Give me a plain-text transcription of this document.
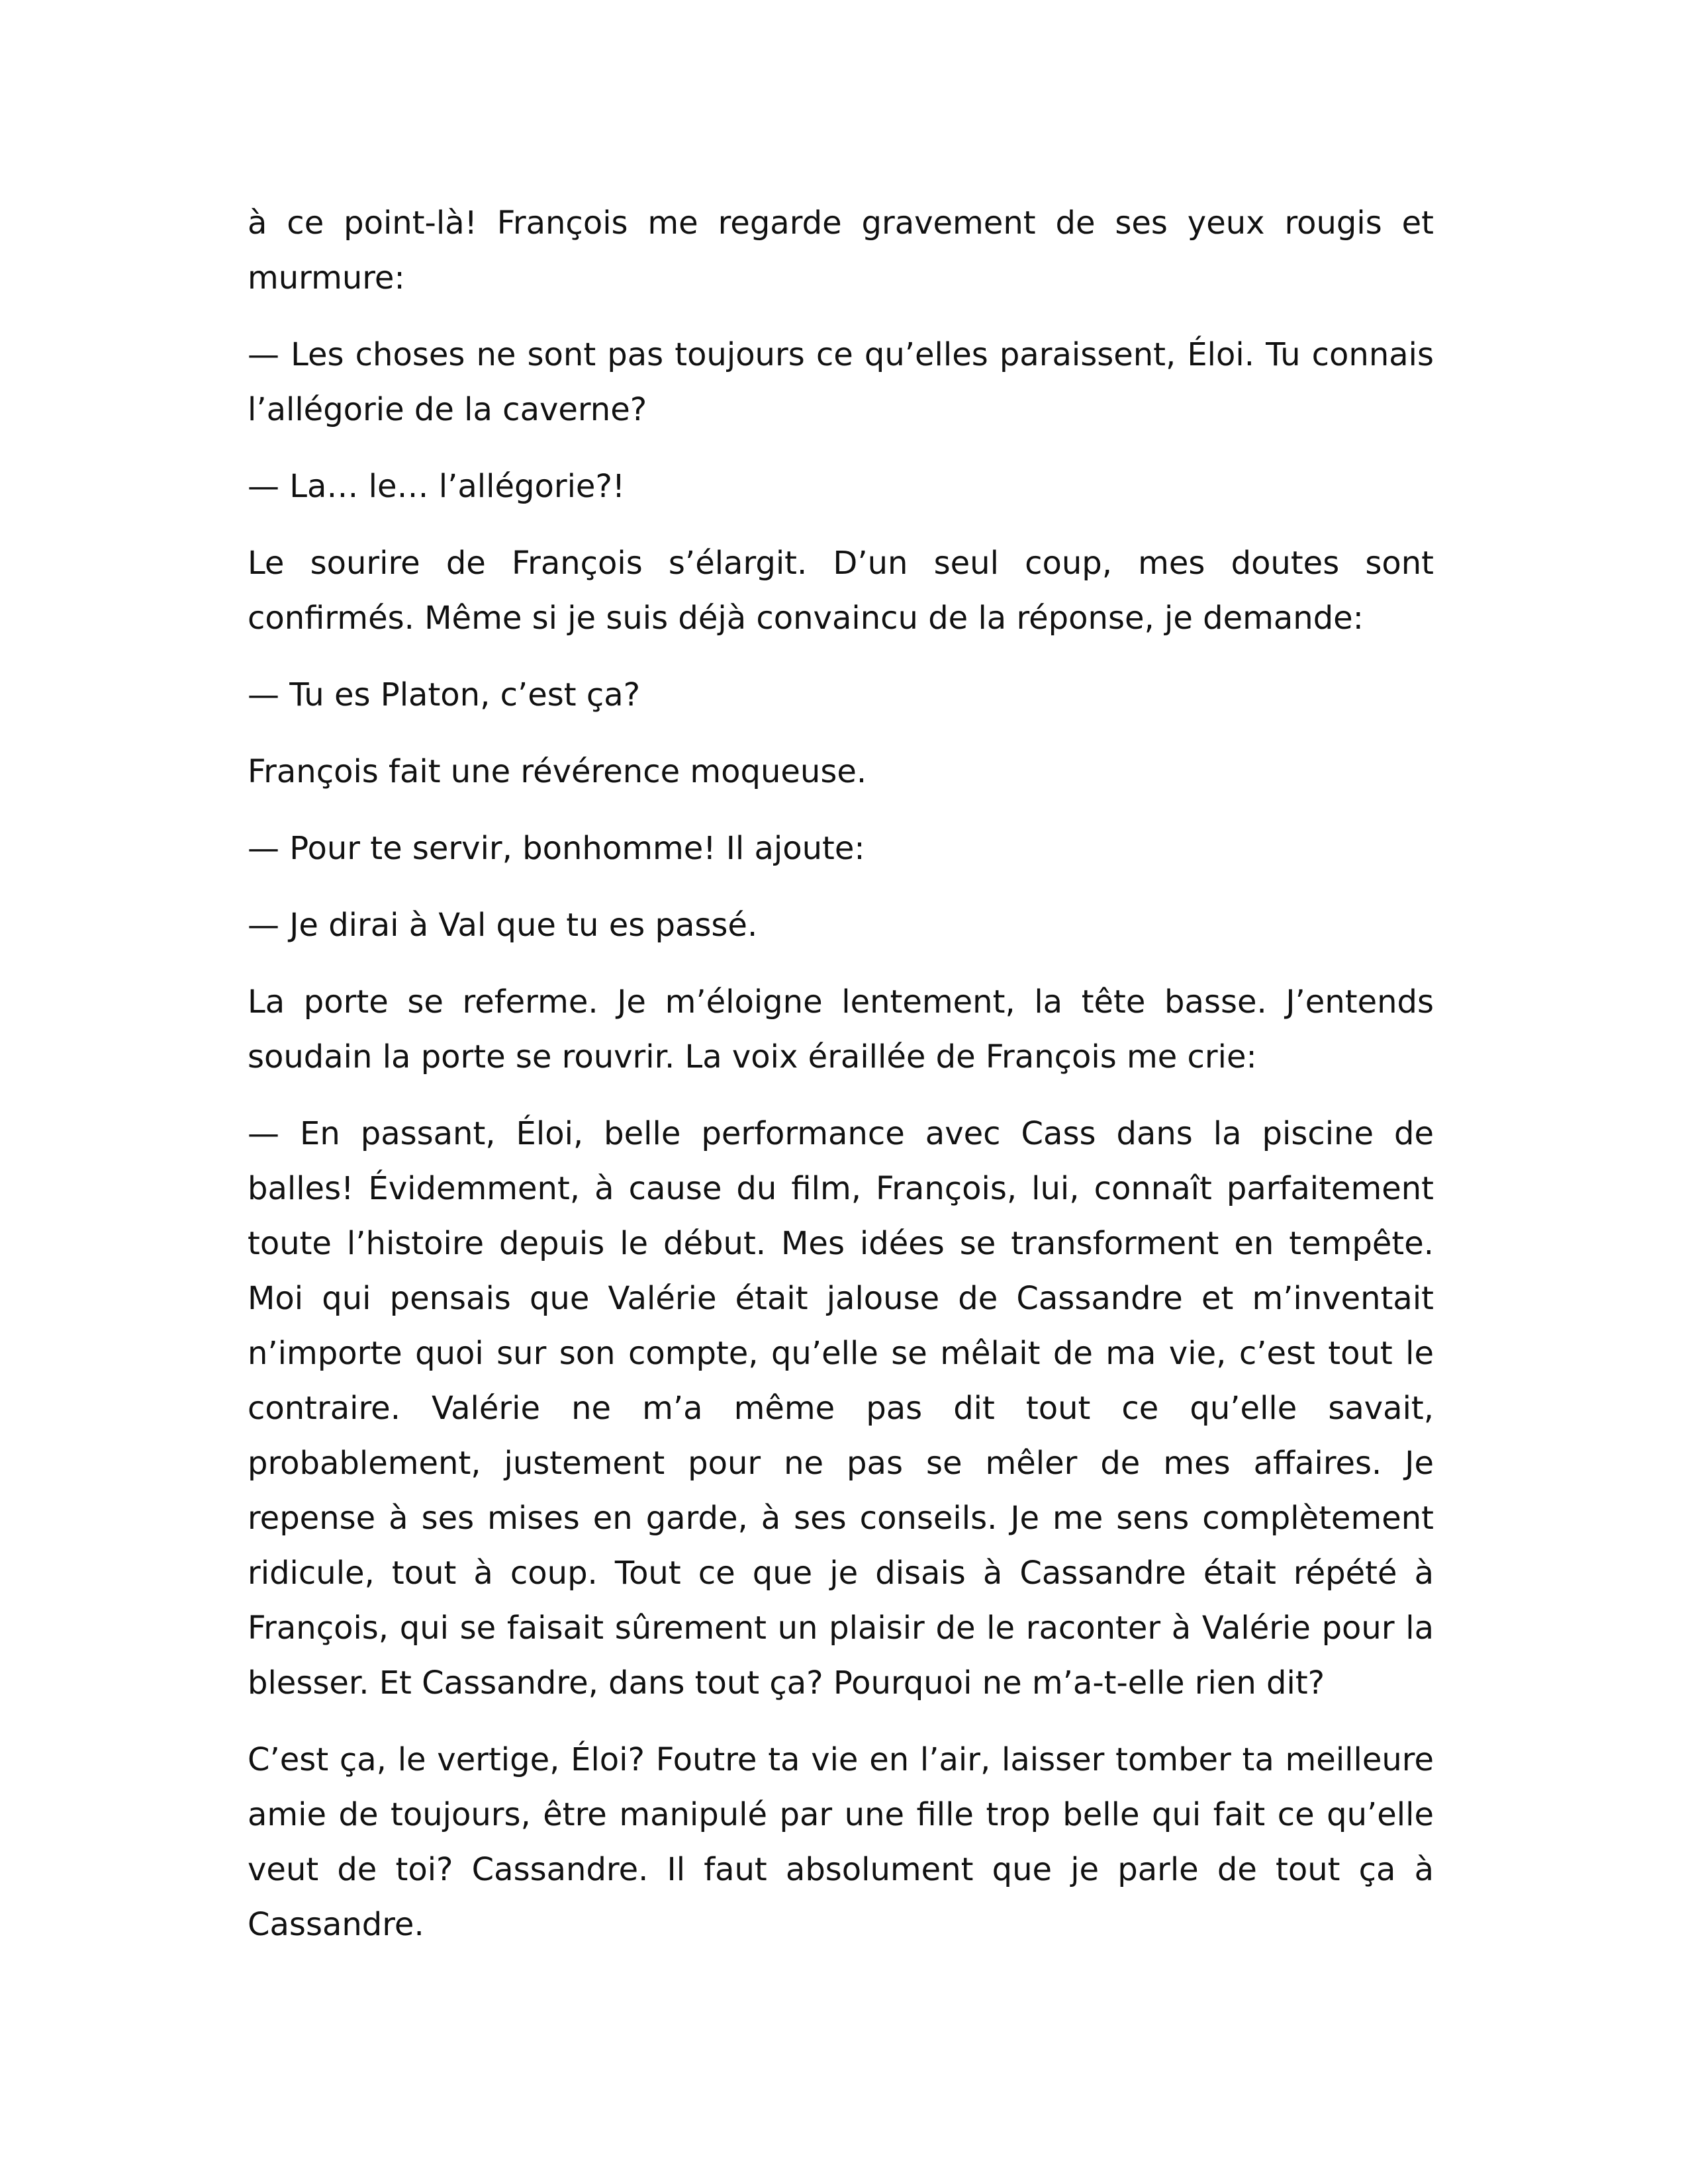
à ce point-là! François me regarde gravement de ses yeux rougis et murmure:

— Les choses ne sont pas toujours ce qu’elles paraissent, Éloi. Tu connais l’allégorie de la caverne?

— La… le… l’allégorie?!

Le sourire de François s’élargit. D’un seul coup, mes doutes sont confirmés. Même si je suis déjà convaincu de la réponse, je demande:

— Tu es Platon, c’est ça?

François fait une révérence moqueuse.

— Pour te servir, bonhomme! Il ajoute:

— Je dirai à Val que tu es passé.

La porte se referme. Je m’éloigne lentement, la tête basse. J’entends soudain la porte se rouvrir. La voix éraillée de François me crie:

— En passant, Éloi, belle performance avec Cass dans la piscine de balles! Évidemment, à cause du film, François, lui, connaît parfaitement toute l’histoire depuis le début. Mes idées se transforment en tempête. Moi qui pensais que Valérie était jalouse de Cassandre et m’inventait n’importe quoi sur son compte, qu’elle se mêlait de ma vie, c’est tout le contraire. Valérie ne m’a même pas dit tout ce qu’elle savait, probablement, justement pour ne pas se mêler de mes affaires. Je repense à ses mises en garde, à ses conseils. Je me sens complètement ridicule, tout à coup. Tout ce que je disais à Cassandre était répété à François, qui se faisait sûrement un plaisir de le raconter à Valérie pour la blesser. Et Cassandre, dans tout ça? Pourquoi ne m’a-t-elle rien dit?

C’est ça, le vertige, Éloi? Foutre ta vie en l’air, laisser tomber ta meilleure amie de toujours, être manipulé par une fille trop belle qui fait ce qu’elle veut de toi? Cassandre. Il faut absolument que je parle de tout ça à Cassandre.
